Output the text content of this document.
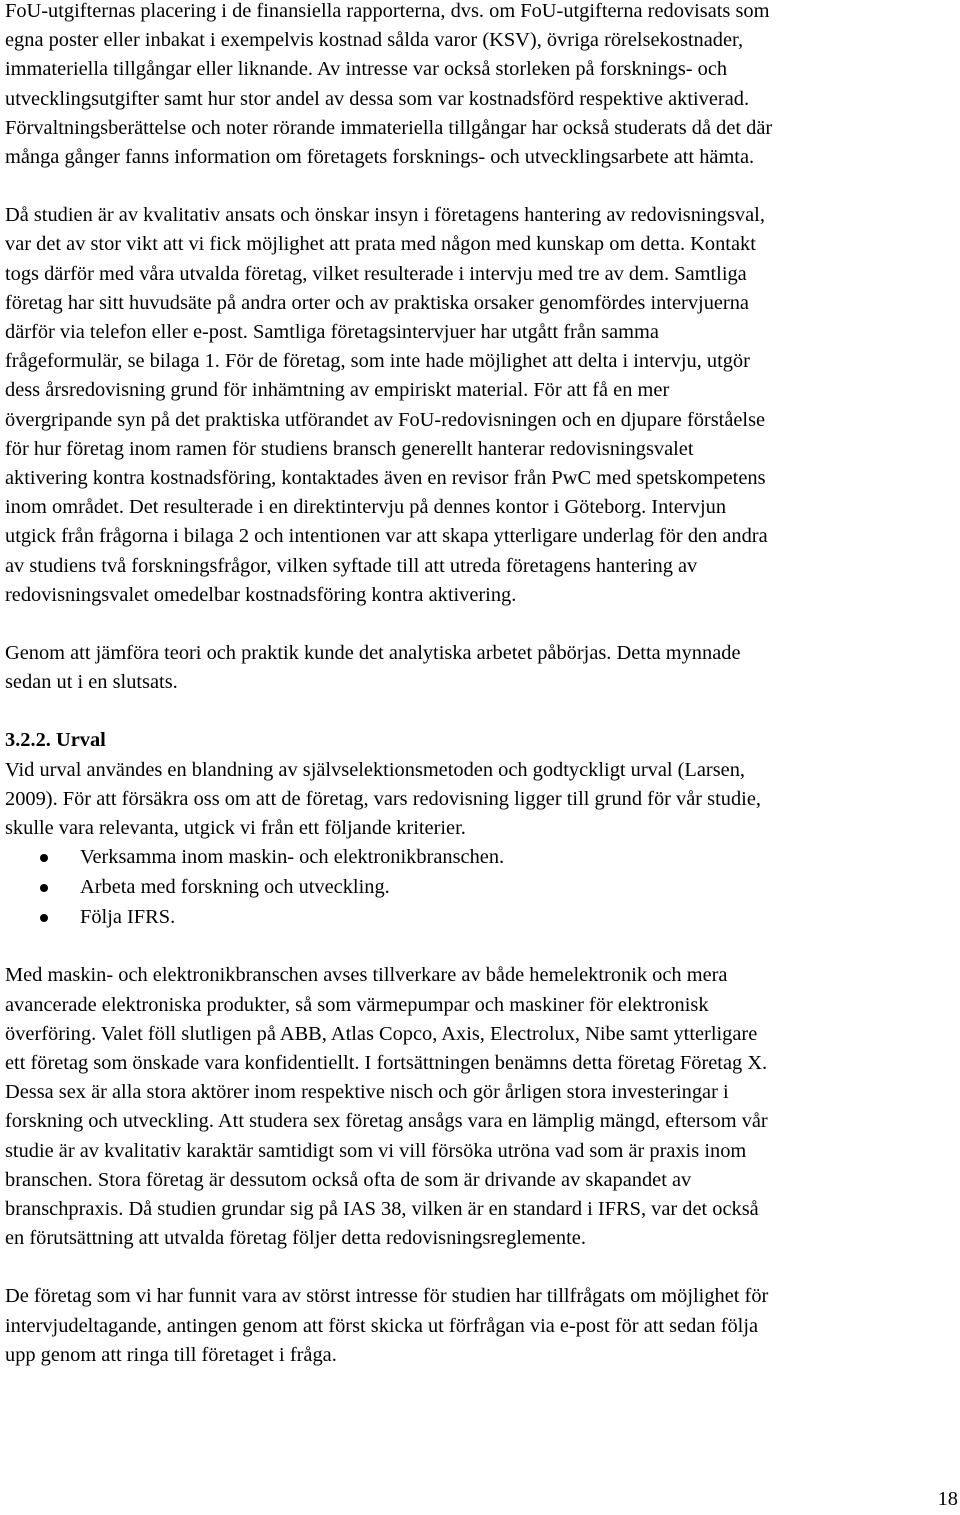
FoU-utgifternas placering i de finansiella rapporterna, dvs. om FoU-utgifterna redovisats som
egna poster eller inbakat i exempelvis kostnad sålda varor (KSV), övriga rörelsekostnader,
immateriella tillgångar eller liknande. Av intresse var också storleken på forsknings- och
utvecklingsutgifter samt hur stor andel av dessa som var kostnadsförd respektive aktiverad.
Förvaltningsberättelse och noter rörande immateriella tillgångar har också studerats då det där
många gånger fanns information om företagets forsknings- och utvecklingsarbete att hämta.

Då studien är av kvalitativ ansats och önskar insyn i företagens hantering av redovisningsval,
var det av stor vikt att vi fick möjlighet att prata med någon med kunskap om detta. Kontakt
togs därför med våra utvalda företag, vilket resulterade i intervju med tre av dem. Samtliga
företag har sitt huvudsäte på andra orter och av praktiska orsaker genomfördes intervjuerna
därför via telefon eller e-post. Samtliga företagsintervjuer har utgått från samma
frågeformulär, se bilaga 1. För de företag, som inte hade möjlighet att delta i intervju, utgör
dess årsredovisning grund för inhämtning av empiriskt material. För att få en mer
övergripande syn på det praktiska utförandet av FoU-redovisningen och en djupare förståelse
för hur företag inom ramen för studiens bransch generellt hanterar redovisningsvalet
aktivering kontra kostnadsföring, kontaktades även en revisor från PwC med spetskompetens
inom området. Det resulterade i en direktintervju på dennes kontor i Göteborg. Intervjun
utgick från frågorna i bilaga 2 och intentionen var att skapa ytterligare underlag för den andra
av studiens två forskningsfrågor, vilken syftade till att utreda företagens hantering av
redovisningsvalet omedelbar kostnadsföring kontra aktivering.

Genom att jämföra teori och praktik kunde det analytiska arbetet påbörjas. Detta mynnade
sedan ut i en slutsats.

3.2.2. Urval

Vid urval användes en blandning av självselektionsmetoden och godtyckligt urval (Larsen,
2009). För att försäkra oss om att de företag, vars redovisning ligger till grund för vår studie,
skulle vara relevanta, utgick vi från ett följande kriterier.

Verksamma inom maskin- och elektronikbranschen.
Arbeta med forskning och utveckling.
Följa IFRS.

Med maskin- och elektronikbranschen avses tillverkare av både hemelektronik och mera
avancerade elektroniska produkter, så som värmepumpar och maskiner för elektronisk
överföring. Valet föll slutligen på ABB, Atlas Copco, Axis, Electrolux, Nibe samt ytterligare
ett företag som önskade vara konfidentiellt. I fortsättningen benämns detta företag Företag X.
Dessa sex är alla stora aktörer inom respektive nisch och gör årligen stora investeringar i
forskning och utveckling. Att studera sex företag ansågs vara en lämplig mängd, eftersom vår
studie är av kvalitativ karaktär samtidigt som vi vill försöka utröna vad som är praxis inom
branschen. Stora företag är dessutom också ofta de som är drivande av skapandet av
branschpraxis. Då studien grundar sig på IAS 38, vilken är en standard i IFRS, var det också
en förutsättning att utvalda företag följer detta redovisningsreglemente.

De företag som vi har funnit vara av störst intresse för studien har tillfrågats om möjlighet för
intervjudeltagande, antingen genom att först skicka ut förfrågan via e-post för att sedan följa
upp genom att ringa till företaget i fråga.

18
